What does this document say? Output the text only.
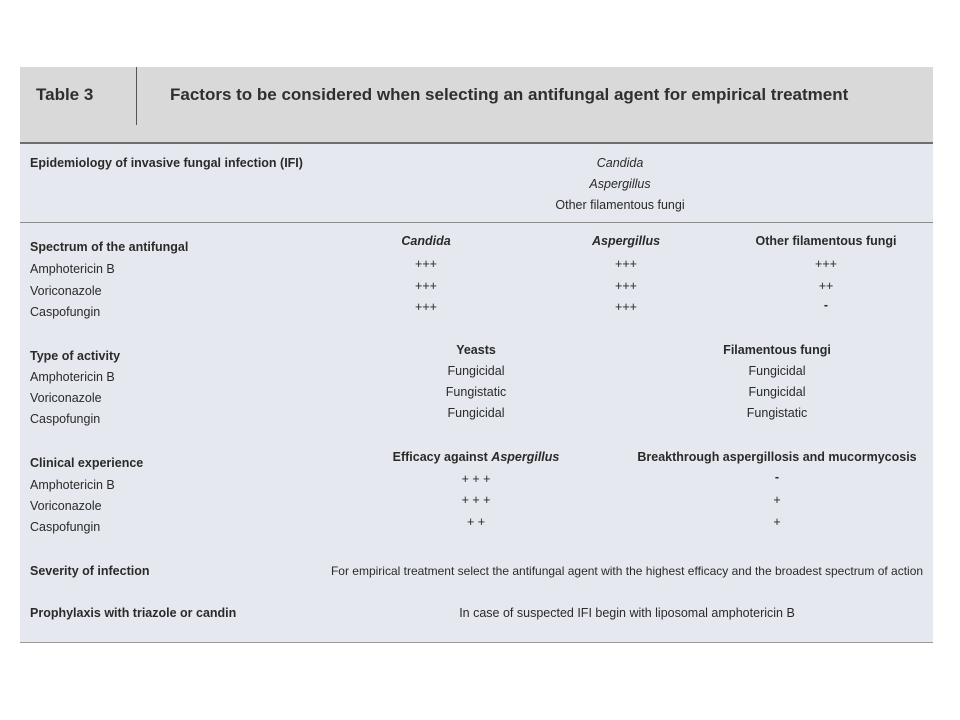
Table 3	Factors to be considered when selecting an antifungal agent for empirical treatment
Epidemiology of invasive fungal infection (IFI)	Candida
Aspergillus
Other filamentous fungi
Spectrum of the antifungal	Candida	Aspergillus	Other filamentous fungi
Amphotericin B	+++	+++	+++
Voriconazole	+++	+++	++
Caspofungin	+++	+++	-
Type of activity	Yeasts	Filamentous fungi
Amphotericin B	Fungicidal	Fungicidal
Voriconazole	Fungistatic	Fungicidal
Caspofungin	Fungicidal	Fungistatic
Clinical experience	Efficacy against Aspergillus	Breakthrough aspergillosis and mucormycosis
Amphotericin B	+ + +	-
Voriconazole	+ + +	+
Caspofungin	+ +	+
Severity of infection	For empirical treatment select the antifungal agent with the highest efficacy and the broadest spectrum of action
Prophylaxis with triazole or candin	In case of suspected IFI begin with liposomal amphotericin B
